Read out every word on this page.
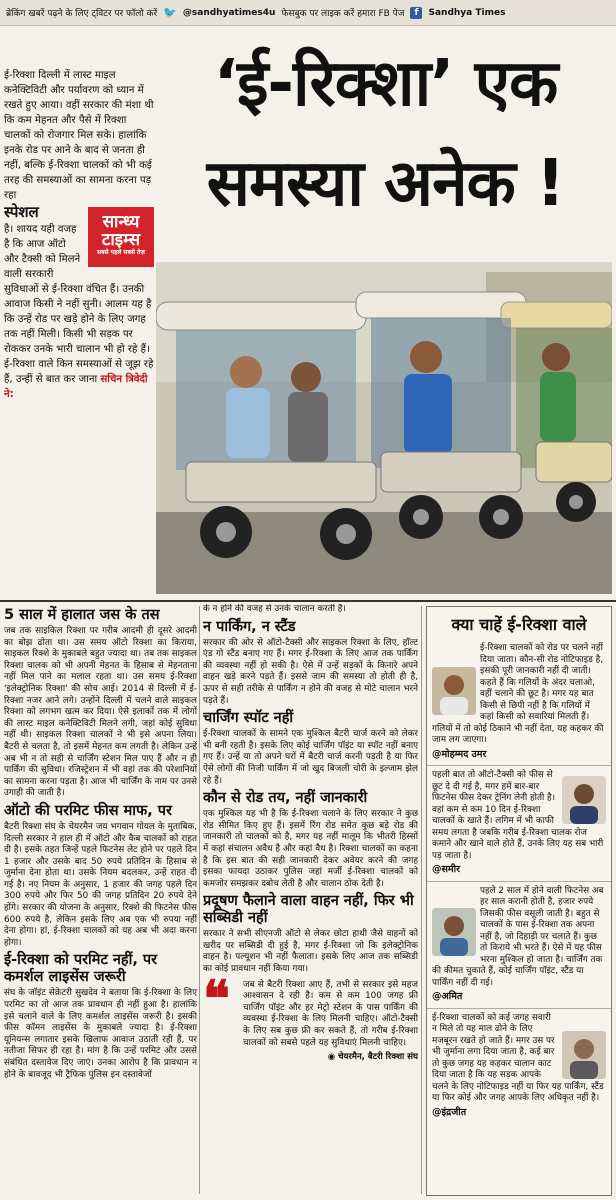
ब्रेकिंग खबरें पढ़ने के लिए ट्विटर पर फॉलो करें 🐦 @sandhyatimes4u फेसबुक पर लाइक करें हमारा FB पेज	f	Sandhya Times

ई-रिक्शा दिल्ली में लास्ट माइल कनेक्टिविटी और पर्यावरण को ध्यान में रखते हुए आया। वहीं सरकार की मंशा थी कि कम मेहनत और पैसे में रिक्शा चालकों को रोजगार मिल सके। हालांकि इनके रोड पर आने के बाद से जनता ही नहीं, बल्कि ई-रिक्शा चालकों को भी कई तरह की समस्याओं का सामना करना पड़ रहा

सान्ध्य
टाइम्स
सबसे पहले सबसे तेज़

स्पेशल
है। शायद यही वजह है कि आज ऑटो और टैक्सी को मिलने वाली सरकारी सुविधाओं से ई-रिक्शा वंचित हैं। उनकी आवाज किसी ने नहीं सुनी। आलम यह है कि उन्हें रोड पर खड़े होने के लिए जगह तक नहीं मिली। किसी भी सड़क पर रोककर उनके भारी चालान भी हो रहे हैं। ई-रिक्शा वाले किन समस्याओं से जूझ रहे हैं, उन्हीं से बात कर जाना सचिन त्रिवेदी ने:

‘ई-रिक्शा’ एक
समस्या अनेक !
5 साल में हालात जस के तस
जब तक साइकिल रिक्शा पर गरीब आदमी ही दूसरे आदमी का बोझ ढोता था। उस समय ऑटो रिक्शा का किराया, साइकल रिक्शे के मुकाबले बहुत ज्यादा था। तब तक साइकल रिक्शा चालक को भी अपनी मेहनत के हिसाब से मेहनताना नहीं मिल पाने का मलाल रहता था। उस समय ई-रिक्शा 'इलेक्ट्रोनिक रिक्शा' की सोच आई। 2014 से दिल्ली में ई-रिक्शा नजर आने लगे। उन्होंने दिल्ली में चलने वाले साइकल रिक्शा को लगभग खत्म कर दिया। ऐसे इलाकों तक में लोगों की लास्ट माइल कनेक्टिविटी मिलने लगी, जहां कोई सुविधा नहीं थी। साइकल रिक्शा चालकों ने भी इसे अपना लिया। बैटरी से चलता है, तो इसमें मेहनत कम लगती है। लेकिन उन्हें अब भी न तो सही से चार्जिंग स्टेशन मिल पाए हैं और न ही पार्किंग की सुविधा। रजिस्ट्रेशन में भी वहां तक की परेशानियों का सामना करना पड़ता है। आज भी चार्जिंग के नाम पर उनसे उगाही की जाती है।
ऑटो की परमिट फीस माफ, पर
बैटरी रिक्शा संघ के चेयरमैन जय भगवान गोयल के मुताबिक, दिल्ली सरकार ने हाल ही में ऑटो और कैब चालकों को राहत दी है। इसके तहत जिन्हें पहले फिटनेस लेट होने पर पहले दिन 1 हजार और उसके बाद 50 रुपये प्रतिदिन के हिसाब से जुर्माना देना होता था। उसके नियम बदलकर, उन्हें राहत दी गई है। नए नियम के अनुसार, 1 हजार की जगह पहले दिन 300 रुपये और फिर 50 की जगह प्रतिदिन 20 रुपये देने होंगे। सरकार की योजना के अनुसार, रिक्शे की फिटनेस फीस 600 रुपये है, लेकिन इसके लिए अब एक भी रुपया नहीं देना होगा। हां, ई-रिक्शा चालकों को यह अब भी अदा करना होगा।
ई-रिक्शा को परमिट नहीं, पर कमर्शल लाइसेंस जरूरी
संघ के जॉइंट सेक्रेटरी सुखदेव ने बताया कि ई-रिक्शा के लिए परमिट का तो आज तक प्रावधान ही नहीं हुआ है। हालांकि इसे चलाने वाले के लिए कमर्शल लाइसेंस जरूरी है। इसकी फीस कॉमन लाइसेंस के मुकाबले ज्यादा है। ई-रिक्शा यूनियन्स लगातार इसके खिलाफ आवाज उठाती रही हैं, पर नतीजा सिफर ही रहा है। मांग है कि उन्हें परमिट और उससे संबंधित दस्तावेज दिए जाएं। उनका आरोप है कि प्रावधान न होने के बावजूद भी ट्रैफिक पुलिस इन दस्तावेजों
के न होने की वजह से उनके चालान करती है।
न पार्किंग, न स्टैंड
सरकार की ओर से ऑटो-टैक्सी और साइकल रिक्शा के लिए, हॉल्ट एंड गो स्टैंड बनाए गए हैं। मगर ई-रिक्शा के लिए आज तक पार्किंग की व्यवस्था नहीं हो सकी है। ऐसे में उन्हें सड़कों के किनारे अपने वाहन खड़े करने पड़ते हैं। इससे जाम की समस्या तो होती ही है, ऊपर से सही तरीके से पार्किंग न होने की वजह से मोटे चालान भरने पड़ते हैं।
चार्जिंग स्पॉट नहीं
ई-रिक्शा चालकों के सामने एक मुश्किल बैटरी चार्ज करने को लेकर भी बनी रहती है। इसके लिए कोई चार्जिंग पॉइंट या स्पॉट नहीं बनाए गए हैं। उन्हें या तो अपने घरों में बैटरी चार्ज करनी पड़ती है या फिर ऐसे लोगों की निजी पार्किंग में जो खुद बिजली चोरी के इल्जाम झेल रहे हैं।
कौन से रोड तय, नहीं जानकारी
एक मुश्किल यह भी है कि ई-रिक्शा चलाने के लिए सरकार ने कुछ रोड सीमित किए हुए हैं। इसमें रिंग रोड समेत कुछ बड़े रोड की जानकारी तो चालकों को है, मगर यह नहीं मालूम कि भीतरी हिस्सों में कहां संचालन अवैध है और कहां वैध है। रिक्शा चालकों का कहना है कि इस बात की सही जानकारी देकर अवेयर करने की जगह इसका फायदा उठाकर पुलिस जहां मर्जी ई-रिक्शा चालकों को कमजोर समझकर दबोच लेती है और चालान ठोक देती है।
प्रदूषण फैलाने वाला वाहन नहीं, फिर भी सब्सिडी नहीं
सरकार ने सभी सीएनजी ऑटो से लेकर छोटा हाथी जैसे वाहनों को खरीद पर सब्सिडी दी हुई है, मगर ई-रिक्शा जो कि इलेक्ट्रोनिक वाहन है। पल्यूशन भी नहीं फैलाता। इसके लिए आज तक सब्सिडी का कोई प्रावधान नहीं किया गया।
❝ जब से बैटरी रिक्शा आए हैं, तभी से सरकार इसे महज आश्वासन दे रही है। कम से कम 100 जगह फ्री चार्जिंग पॉइंट और हर मेट्रो स्टेशन के पास पार्किंग की व्यवस्था ई-रिक्शा के लिए मिलनी चाहिए। ऑटो-टैक्सी के लिए सब कुछ फ्री कर सकते हैं, तो गरीब ई-रिक्शा चालकों को सबसे पहले यह सुविधाएं मिलनी चाहिए।
◉ चेयरमैन, बैटरी रिक्शा संघ
क्या चाहें ई-रिक्शा वाले
ई-रिक्शा चालकों को रोड पर चलने नहीं दिया जाता। कौन-सी रोड नोटिफाइड है, इसकी पूरी जानकारी नहीं दी जाती। कहते हैं कि गलियों के अंदर चलाओ, वहीं चलाने की छूट है। मगर यह बात किसी से छिपी नहीं है कि गलियों में कहां किसी को सवारियां मिलती हैं। गलियों में तो कोई ठिकाने भी नहीं देता, यह कहकर की जाम लग जाएगा।
@मोहम्मद उमर
पहली बात तो ऑटो-टैक्सी को फीस से छूट दे दी गई है, मगर हमें बार-बार फिटनेस फीस देकर ट्रेनिंग लेनी होती है। वहां कम से कम 10 दिन ई-रिक्शा चालकों के खाते हैं। लगिम में भी काफी समय लगता है जबकि गरीब ई-रिक्शा चालक रोज कमाने और खाने वाले होते हैं, उनके लिए यह सब भारी पड़ जाता है।
@समीर
पहले 2 साल में होने वाली फिटनेस अब हर साल करानी होती है, हजार रुपये जिसकी फीस वसूली जाती है। बहुत से चालकों के पास ई-रिक्शा तक अपना नहीं है, जो दिहाड़ी पर चलाते हैं। कुछ तो किराये भी भरते हैं। ऐसे में यह फीस भरना मुश्किल हो जाता है। चार्जिंग तक की कीमत चुकाते हैं, कोई चार्जिंग पॉइंट, स्टैंड या पार्किंग नहीं दी गई।
@अमित
ई-रिक्शा चालकों को कई जगह सवारी न मिले तो यह माल ढोने के लिए मजबूरन रखते हो जाते हैं। मगर उस पर भी जुर्माना लगा दिया जाता है, कई बार तो कुछ जगह यह कहकर चालान काट दिया जाता है कि यह सड़क आपके चलने के लिए नोटिफाइड नहीं या फिर यह पार्किंग, स्टैंड या फिर कोई और जगह आपके लिए अधिकृत नहीं है।
@इंद्रजीत
